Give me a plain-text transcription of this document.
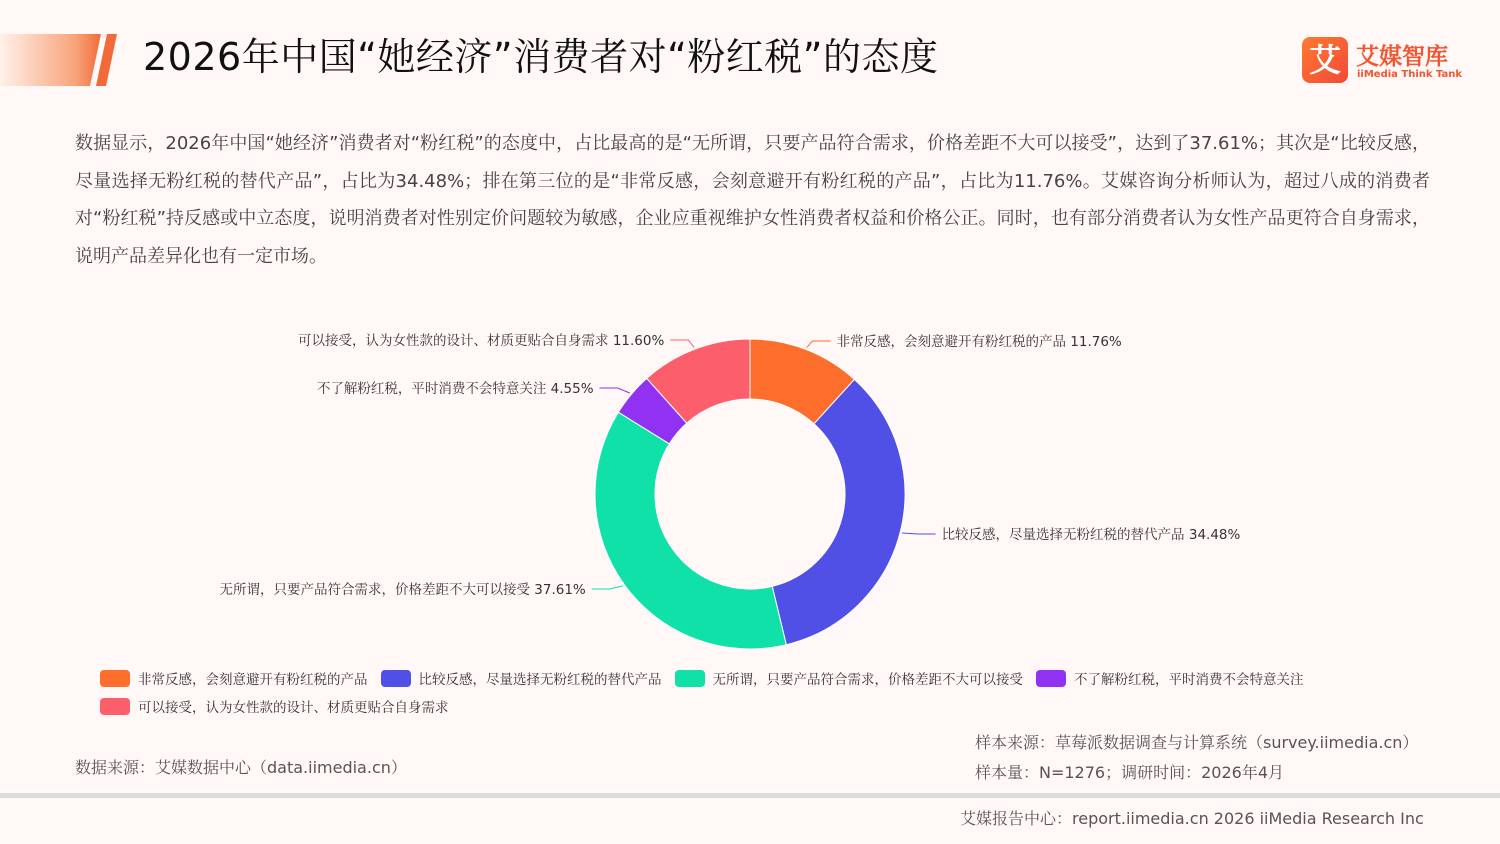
2026年中国“她经济”消费者对“粉红税”的态度	艾 艾媒智库
iiMedia Think Tank
数据显示，2026年中国“她经济”消费者对“粉红税”的态度中，占比最高的是“无所谓，只要产品符合需求，价格差距不大可以接受”，达到了37.61%；其次是“比较反感，尽量选择无粉红税的替代产品”，占比为34.48%；排在第三位的是“非常反感，会刻意避开有粉红税的产品”，占比为11.76%。艾媒咨询分析师认为，超过八成的消费者对“粉红税”持反感或中立态度，说明消费者对性别定价问题较为敏感，企业应重视维护女性消费者权益和价格公正。同时，也有部分消费者认为女性产品更符合自身需求，说明产品差异化也有一定市场。
非常反感，会刻意避开有粉红税的产品 11.76%
比较反感，尽量选择无粉红税的替代产品 34.48%
无所谓，只要产品符合需求，价格差距不大可以接受 37.61%
不了解粉红税，平时消费不会特意关注 4.55%
可以接受，认为女性款的设计、材质更贴合自身需求 11.60%
非常反感，会刻意避开有粉红税的产品	比较反感，尽量选择无粉红税的替代产品	无所谓，只要产品符合需求，价格差距不大可以接受	不了解粉红税，平时消费不会特意关注
可以接受，认为女性款的设计、材质更贴合自身需求
数据来源：艾媒数据中心（data.iimedia.cn）
样本来源：草莓派数据调查与计算系统（survey.iimedia.cn）
样本量：N=1276；调研时间：2026年4月
艾媒报告中心：report.iimedia.cn 2026 iiMedia Research Inc
